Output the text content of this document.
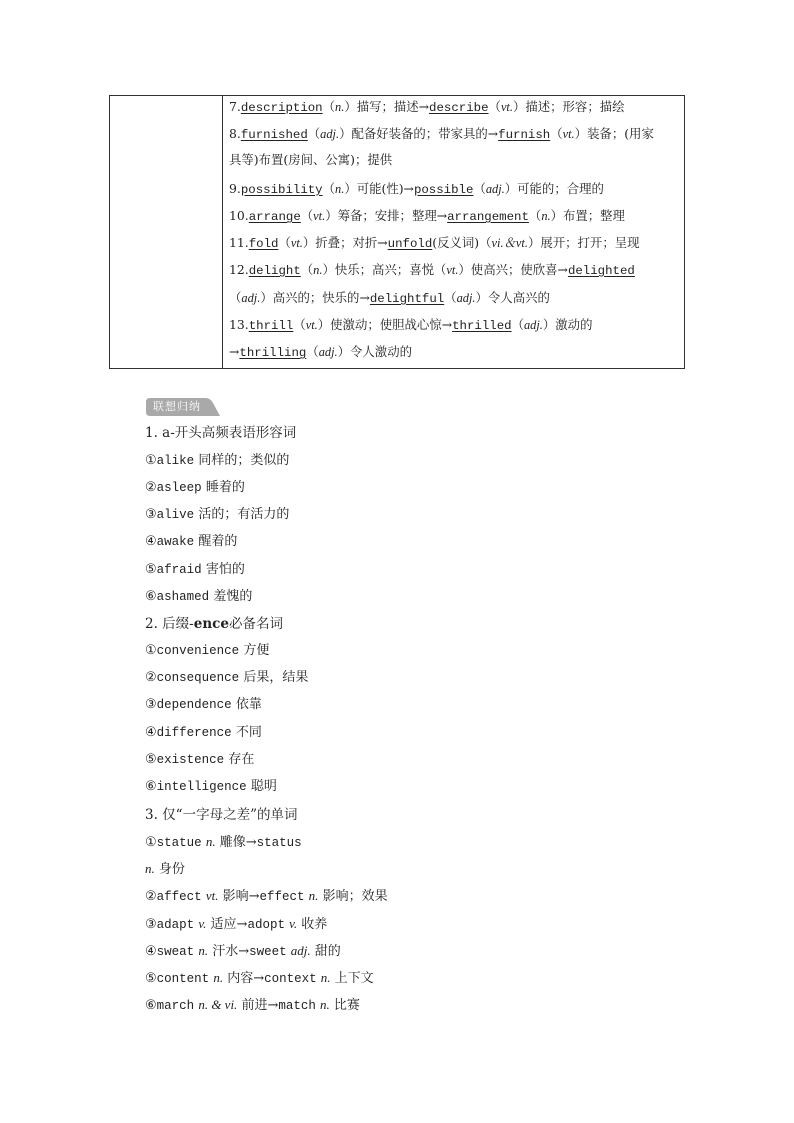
7.description（n.）描写；描述→describe（vt.）描述；形容；描绘
8.furnished（adj.）配备好装备的；带家具的→furnish（vt.）装备；(用家
具等)布置(房间、公寓)；提供
9.possibility（n.）可能(性)→possible（adj.）可能的；合理的
10.arrange（vt.）筹备；安排；整理→arrangement（n.）布置；整理
11.fold（vt.）折叠；对折→unfold(反义词)（vi.＆vt.）展开；打开；呈现
12.delight（n.）快乐；高兴；喜悦（vt.）使高兴；使欣喜→delighted
（adj.）高兴的；快乐的→delightful（adj.）令人高兴的
13.thrill（vt.）使激动；使胆战心惊→thrilled（adj.）激动的
→thrilling（adj.）令人激动的
联想归纳
1. a-开头高频表语形容词
①alike 同样的；类似的
②asleep 睡着的
③alive 活的；有活力的
④awake 醒着的
⑤afraid 害怕的
⑥ashamed 羞愧的
2. 后缀-ence必备名词
①convenience 方便
②consequence 后果，结果
③dependence 依靠
④difference 不同
⑤existence 存在
⑥intelligence 聪明
3. 仅“一字母之差”的单词
①statue n. 雕像→status
n. 身份
②affect vt. 影响→effect n. 影响；效果
③adapt v. 适应→adopt v. 收养
④sweat n. 汗水→sweet adj. 甜的
⑤content n. 内容→context n. 上下文
⑥march n. & vi. 前进→match n. 比赛
